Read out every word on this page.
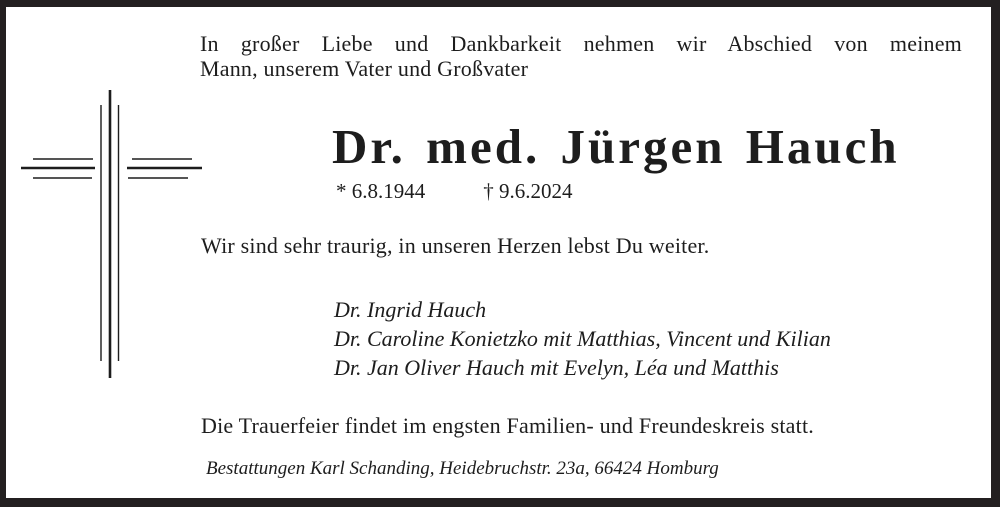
In großer Liebe und Dankbarkeit nehmen wir Abschied von meinem
Mann, unserem Vater und Großvater
Dr. med. Jürgen Hauch
* 6.8.1944	† 9.6.2024
Wir sind sehr traurig, in unseren Herzen lebst Du weiter.
Dr. Ingrid Hauch
Dr. Caroline Konietzko mit Matthias, Vincent und Kilian
Dr. Jan Oliver Hauch mit Evelyn, Léa und Matthis
Die Trauerfeier findet im engsten Familien- und Freundeskreis statt.
Bestattungen Karl Schanding, Heidebruchstr. 23a, 66424 Homburg
